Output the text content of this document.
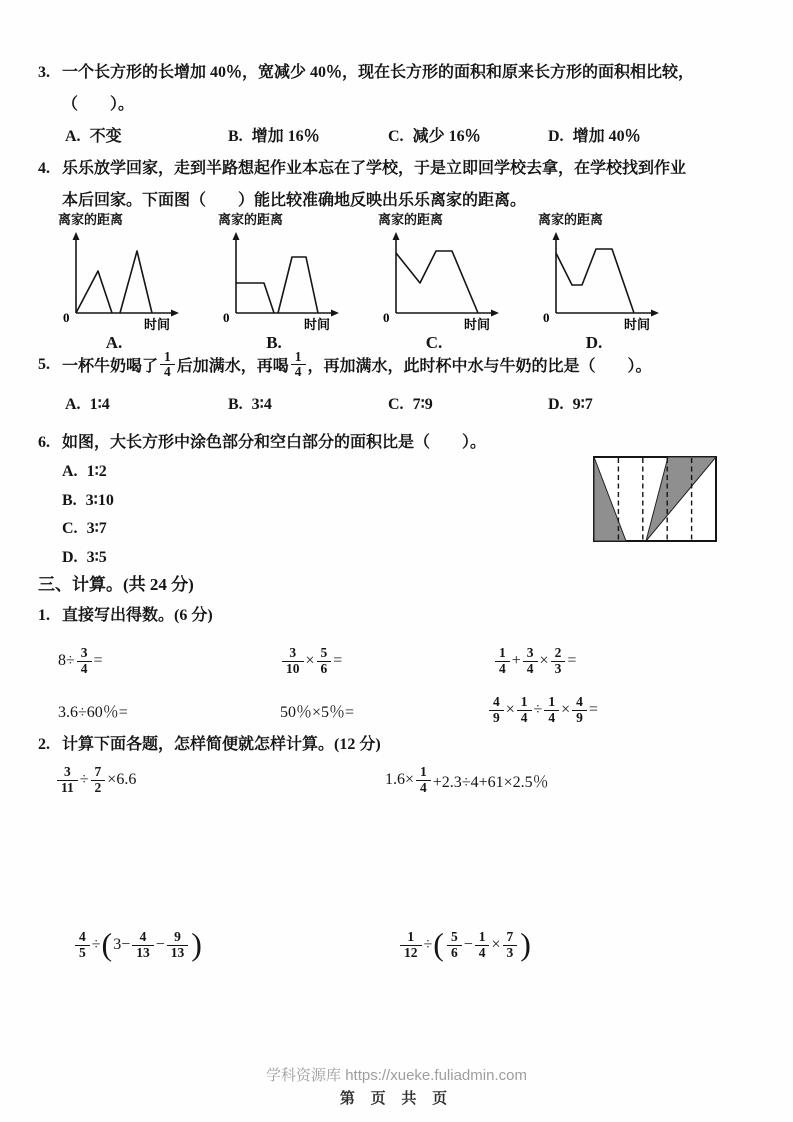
3. 一个长方形的长增加 40％，宽减少 40％，现在长方形的面积和原来长方形的面积相比较，
（　　）。
A. 不变	B. 增加 16％	C. 减少 16％	D. 增加 40％
4. 乐乐放学回家，走到半路想起作业本忘在了学校，于是立即回学校去拿，在学校找到作业
本后回家。下面图（　　）能比较准确地反映出乐乐离家的距离。
离家的距离
0	时间
A.
离家的距离
0	时间
B.
离家的距离
0	时间
C.
离家的距离
0	时间
D.
5. 一杯牛奶喝了 $\frac{1}{4}$ 后加满水，再喝 $\frac{1}{4}$ ，再加满水，此时杯中水与牛奶的比是（　　）。
A. 1∶4	B. 3∶4	C. 7∶9	D. 9∶7
6. 如图，大长方形中涂色部分和空白部分的面积比是（　　）。
A. 1∶2
B. 3∶10
C. 3∶7
D. 3∶5
三、计算。(共 24 分)
1. 直接写出得数。(6 分)
$8\div \frac{3}{4}$ =	$\frac{3}{10} \times \frac{5}{6}$ =	$\frac{1}{4} + \frac{3}{4} \times \frac{2}{3}$ =
3.6÷60％=	50％×5％=	$\frac{4}{9} \times \frac{1}{4} \div \frac{1}{4} \times \frac{4}{9}$ =
2. 计算下面各题，怎样简便就怎样计算。(12 分)
$\frac{3}{11} \div \frac{7}{2} \times 6.6$	$1.6\times \frac{1}{4} +2.3\div 4+61\times 2.5$％
$\frac{4}{5}$ ÷ ( $3- \frac{4}{13} - \frac{9}{13}$ )	$\frac{1}{12}$ ÷ ( $\frac{5}{6} - \frac{1}{4} \times \frac{7}{3}$ )
学科资源库 https://xueke.fuliadmin.com
第 页 共 页
